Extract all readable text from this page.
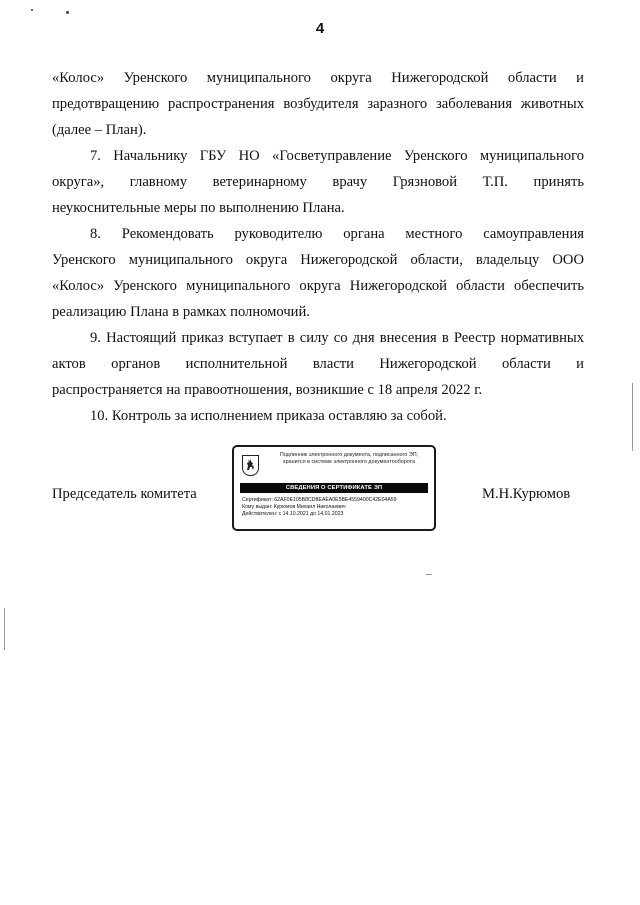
4

«Колос» Уренского муниципального округа Нижегородской области и
предотвращению распространения возбудителя заразного заболевания животных
(далее – План).

7. Начальнику ГБУ НО «Госветуправление Уренского муниципального
округа», главному ветеринарному врачу Грязновой Т.П. принять
неукоснительные меры по выполнению Плана.

8. Рекомендовать руководителю органа местного самоуправления
Уренского муниципального округа Нижегородской области, владельцу ООО
«Колос» Уренского муниципального округа Нижегородской области обеспечить
реализацию Плана в рамках полномочий.

9. Настоящий приказ вступает в силу со дня внесения в Реестр нормативных
актов органов исполнительной власти Нижегородской области и
распространяется на правоотношения, возникшие с 18 апреля 2022 г.

10. Контроль за исполнением приказа оставляю за собой.

Председатель комитета
Подлинник электронного документа, подписанного ЭП,
хранится в системе электронного документооборота
СВЕДЕНИЯ О СЕРТИФИКАТЕ ЭП
Сертификат: 62AF0E105B8CD8EAEA0E5BE4559400C42E04A59
Кому выдан: Курюмов Михаил Николаевич
Действителен: с 14.10.2021 до 14.01.2023
М.Н.Курюмов
